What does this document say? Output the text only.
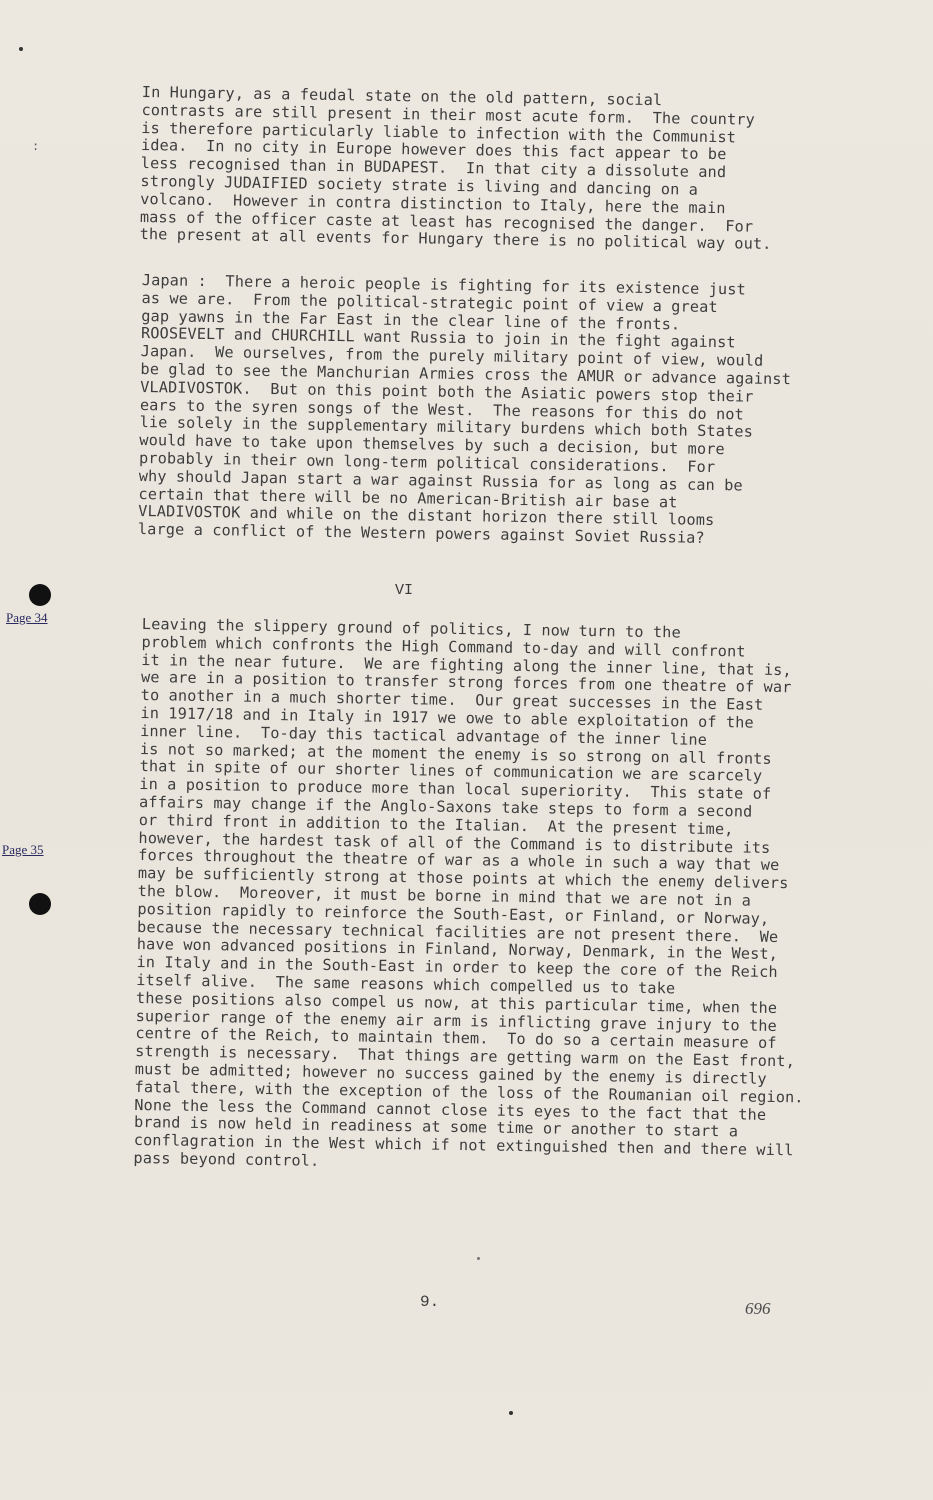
:
In Hungary, as a feudal state on the old pattern, social
contrasts are still present in their most acute form.  The country
is therefore particularly liable to infection with the Communist
idea.  In no city in Europe however does this fact appear to be
less recognised than in BUDAPEST.  In that city a dissolute and
strongly JUDAIFIED society strate is living and dancing on a
volcano.  However in contra distinction to Italy, here the main
mass of the officer caste at least has recognised the danger.  For
the present at all events for Hungary there is no political way out.
Japan :  There a heroic people is fighting for its existence just
as we are.  From the political-strategic point of view a great
gap yawns in the Far East in the clear line of the fronts.
ROOSEVELT and CHURCHILL want Russia to join in the fight against
Japan.  We ourselves, from the purely military point of view, would
be glad to see the Manchurian Armies cross the AMUR or advance against
VLADIVOSTOK.  But on this point both the Asiatic powers stop their
ears to the syren songs of the West.  The reasons for this do not
lie solely in the supplementary military burdens which both States
would have to take upon themselves by such a decision, but more
probably in their own long-term political considerations.  For
why should Japan start a war against Russia for as long as can be
certain that there will be no American-British air base at
VLADIVOSTOK and while on the distant horizon there still looms
large a conflict of the Western powers against Soviet Russia?
VI
Leaving the slippery ground of politics, I now turn to the
problem which confronts the High Command to-day and will confront
it in the near future.  We are fighting along the inner line, that is,
we are in a position to transfer strong forces from one theatre of war
to another in a much shorter time.  Our great successes in the East
in 1917/18 and in Italy in 1917 we owe to able exploitation of the
inner line.  To-day this tactical advantage of the inner line
is not so marked; at the moment the enemy is so strong on all fronts
that in spite of our shorter lines of communication we are scarcely
in a position to produce more than local superiority.  This state of
affairs may change if the Anglo-Saxons take steps to form a second
or third front in addition to the Italian.  At the present time,
however, the hardest task of all of the Command is to distribute its
forces throughout the theatre of war as a whole in such a way that we
may be sufficiently strong at those points at which the enemy delivers
the blow.  Moreover, it must be borne in mind that we are not in a
position rapidly to reinforce the South-East, or Finland, or Norway,
because the necessary technical facilities are not present there.  We
have won advanced positions in Finland, Norway, Denmark, in the West,
in Italy and in the South-East in order to keep the core of the Reich
itself alive.  The same reasons which compelled us to take
these positions also compel us now, at this particular time, when the
superior range of the enemy air arm is inflicting grave injury to the
centre of the Reich, to maintain them.  To do so a certain measure of
strength is necessary.  That things are getting warm on the East front,
must be admitted; however no success gained by the enemy is directly
fatal there, with the exception of the loss of the Roumanian oil region.
None the less the Command cannot close its eyes to the fact that the
brand is now held in readiness at some time or another to start a
conflagration in the West which if not extinguished then and there will
pass beyond control.
Page 34
Page 35
9.	696
